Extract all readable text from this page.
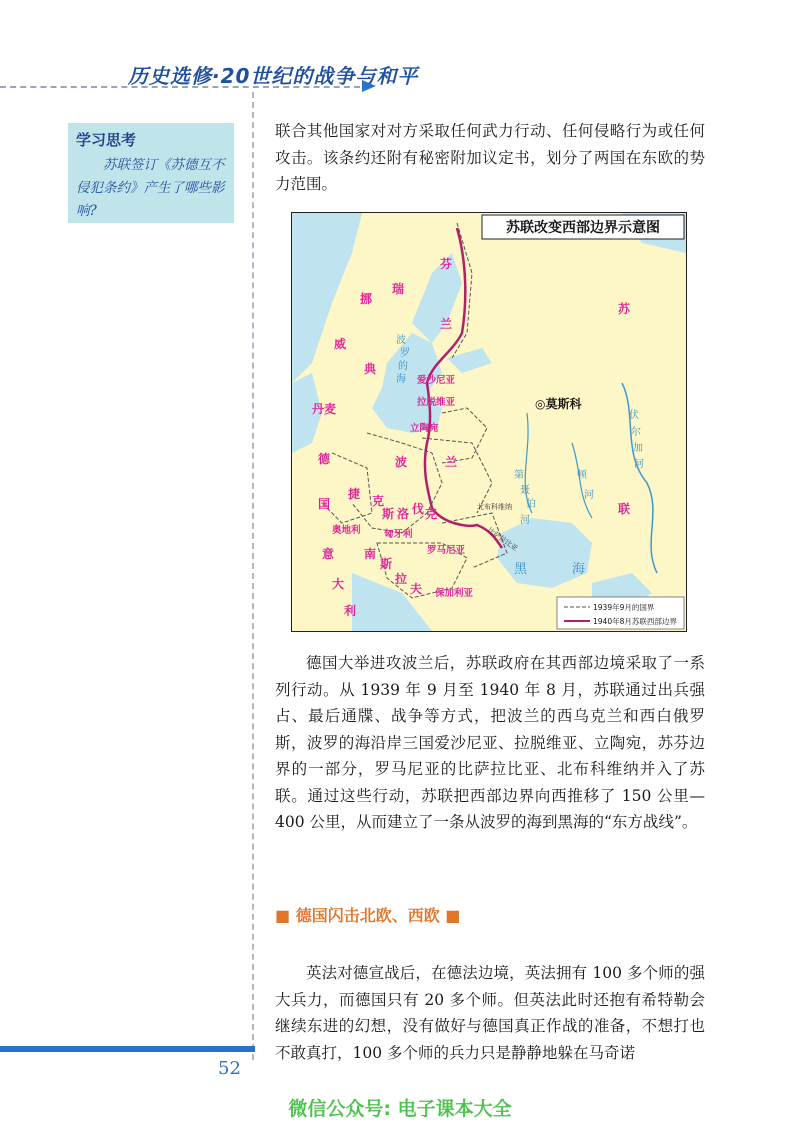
历史选修·20世纪的战争与和平
学习思考

苏联签订《苏德互不侵犯条约》产生了哪些影响?

联合其他国家对对方采取任何武力行动、任何侵略行为或任何攻击。该条约还附有秘密附加议定书，划分了两国在东欧的势力范围。

苏联改变西部边界示意图
芬
兰
挪
威
瑞
典
丹麦
德
国
波	兰
苏
联
捷 克
斯 洛 伐 克
意
大
利
南
斯
拉
夫
爱沙尼亚
拉脱维亚
立陶宛
奥地利 匈牙利
罗马尼亚
保加利亚
北布科维纳
比萨拉比亚
◎莫斯科
波
罗
的
海
黑	海
伏
尔
加
河
第
聂
伯
河
顿
河
1939年9月的国界
1940年8月苏联西部边界

德国大举进攻波兰后，苏联政府在其西部边境采取了一系列行动。从 1939 年 9 月至 1940 年 8 月，苏联通过出兵强占、最后通牒、战争等方式，把波兰的西乌克兰和西白俄罗斯，波罗的海沿岸三国爱沙尼亚、拉脱维亚、立陶宛，苏芬边界的一部分，罗马尼亚的比萨拉比亚、北布科维纳并入了苏联。通过这些行动，苏联把西部边界向西推移了 150 公里—400 公里，从而建立了一条从波罗的海到黑海的“东方战线”。

■ 德国闪击北欧、西欧 ■

英法对德宣战后，在德法边境，英法拥有 100 多个师的强大兵力，而德国只有 20 多个师。但英法此时还抱有希特勒会继续东进的幻想，没有做好与德国真正作战的准备，不想打也不敢真打，100 多个师的兵力只是静静地躲在马奇诺

52
微信公众号: 电子课本大全
